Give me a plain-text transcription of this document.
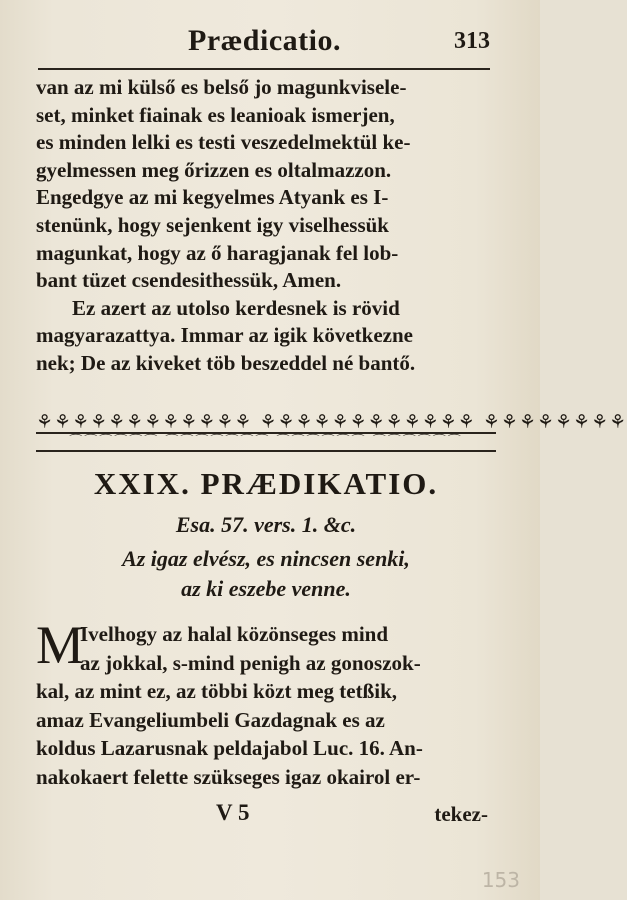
Prædicatio.	313
van az mi külső es belső jo magunkvisele-
set, minket fiainak es leanioak ismerjen,
es minden lelki es testi veszedelmektül ke-
gyelmessen meg őrizzen es oltalmazzon.
Engedgye az mi kegyelmes Atyank es I-
stenünk, hogy sejenkent igy viselhessük
magunkat, hogy az ő haragjanak fel lob-
bant tüzet csendesithessük, Amen.
Ez azert az utolso kerdesnek is rövid
magyarazattya. Immar az igik következne
nek; De az kiveket töb beszeddel né bantő.
⚘⚘⚘⚘⚘⚘⚘⚘⚘⚘⚘⚘ ⚘⚘⚘⚘⚘⚘⚘⚘⚘⚘⚘⚘ ⚘⚘⚘⚘⚘⚘⚘⚘
⌒⌒⌒⌒⌒⌒ ⌒⌒⌒⌒⌒⌒⌒ ⌒⌒⌒⌒⌒⌒ ⌒⌒⌒⌒⌒⌒
XXIX. PRÆDIKATIO.
Esa. 57. vers. 1. &c.
Az igaz elvész, es nincsen senki,
az ki eszebe venne.
M
Ivelhogy az halal közönseges mind
az jokkal, s-mind penigh az gonoszok-
kal, az mint ez, az többi közt meg tetßik,
amaz Evangeliumbeli Gazdagnak es az
koldus Lazarusnak peldajabol Luc. 16. An-
nakokaert felette szükseges igaz okairol er-
V 5	tekez-
153
